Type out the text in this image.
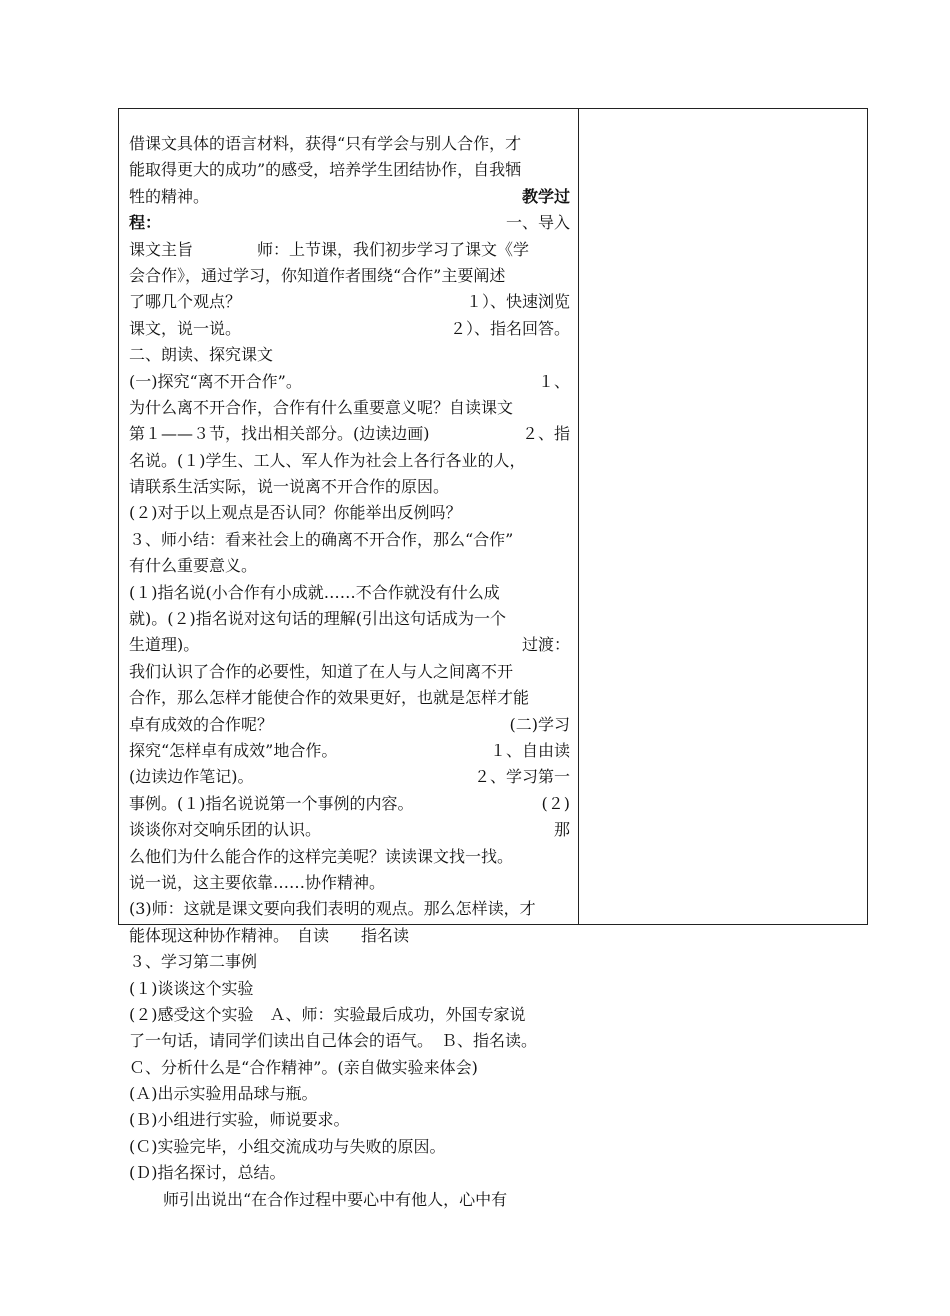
借课文具体的语言材料，获得“只有学会与别人合作，才
能取得更大的成功”的感受，培养学生团结协作，自我牺
牲的精神。	教学过
程：	一、导入
课文主旨　　　　师：上节课，我们初步学习了课文《学
会合作》，通过学习，你知道作者围绕“合作”主要阐述
了哪几个观点？	１）、快速浏览
课文，说一说。	２）、指名回答。
二、朗读、探究课文
(一)探究“离不开合作”。	１、
为什么离不开合作，合作有什么重要意义呢？自读课文
第１——３节，找出相关部分。(边读边画)	２、指
名说。(１)学生、工人、军人作为社会上各行各业的人，
请联系生活实际，说一说离不开合作的原因。
(２)对于以上观点是否认同？你能举出反例吗？
３、师小结：看来社会上的确离不开合作，那么“合作”
有什么重要意义。
(１)指名说(小合作有小成就……不合作就没有什么成
就)。(２)指名说对这句话的理解(引出这句话成为一个
生道理)。	过渡：
我们认识了合作的必要性，知道了在人与人之间离不开
合作，那么怎样才能使合作的效果更好，也就是怎样才能
卓有成效的合作呢？	(二)学习
探究“怎样卓有成效”地合作。	１、自由读
(边读边作笔记)。	２、学习第一
事例。(１)指名说说第一个事例的内容。	(２)
谈谈你对交响乐团的认识。	那
么他们为什么能合作的这样完美呢？读读课文找一找。
说一说，这主要依靠……协作精神。
(3)师：这就是课文要向我们表明的观点。那么怎样读，才
能体现这种协作精神。　自读　　指名读
３、学习第二事例
(１)谈谈这个实验
(２)感受这个实验　Ａ、师：实验最后成功，外国专家说
了一句话，请同学们读出自己体会的语气。　Ｂ、指名读。
Ｃ、分析什么是“合作精神”。(亲自做实验来体会)
(Ａ)出示实验用品球与瓶。
(Ｂ)小组进行实验，师说要求。
(Ｃ)实验完毕，小组交流成功与失败的原因。
(Ｄ)指名探讨，总结。
师引出说出“在合作过程中要心中有他人，心中有
